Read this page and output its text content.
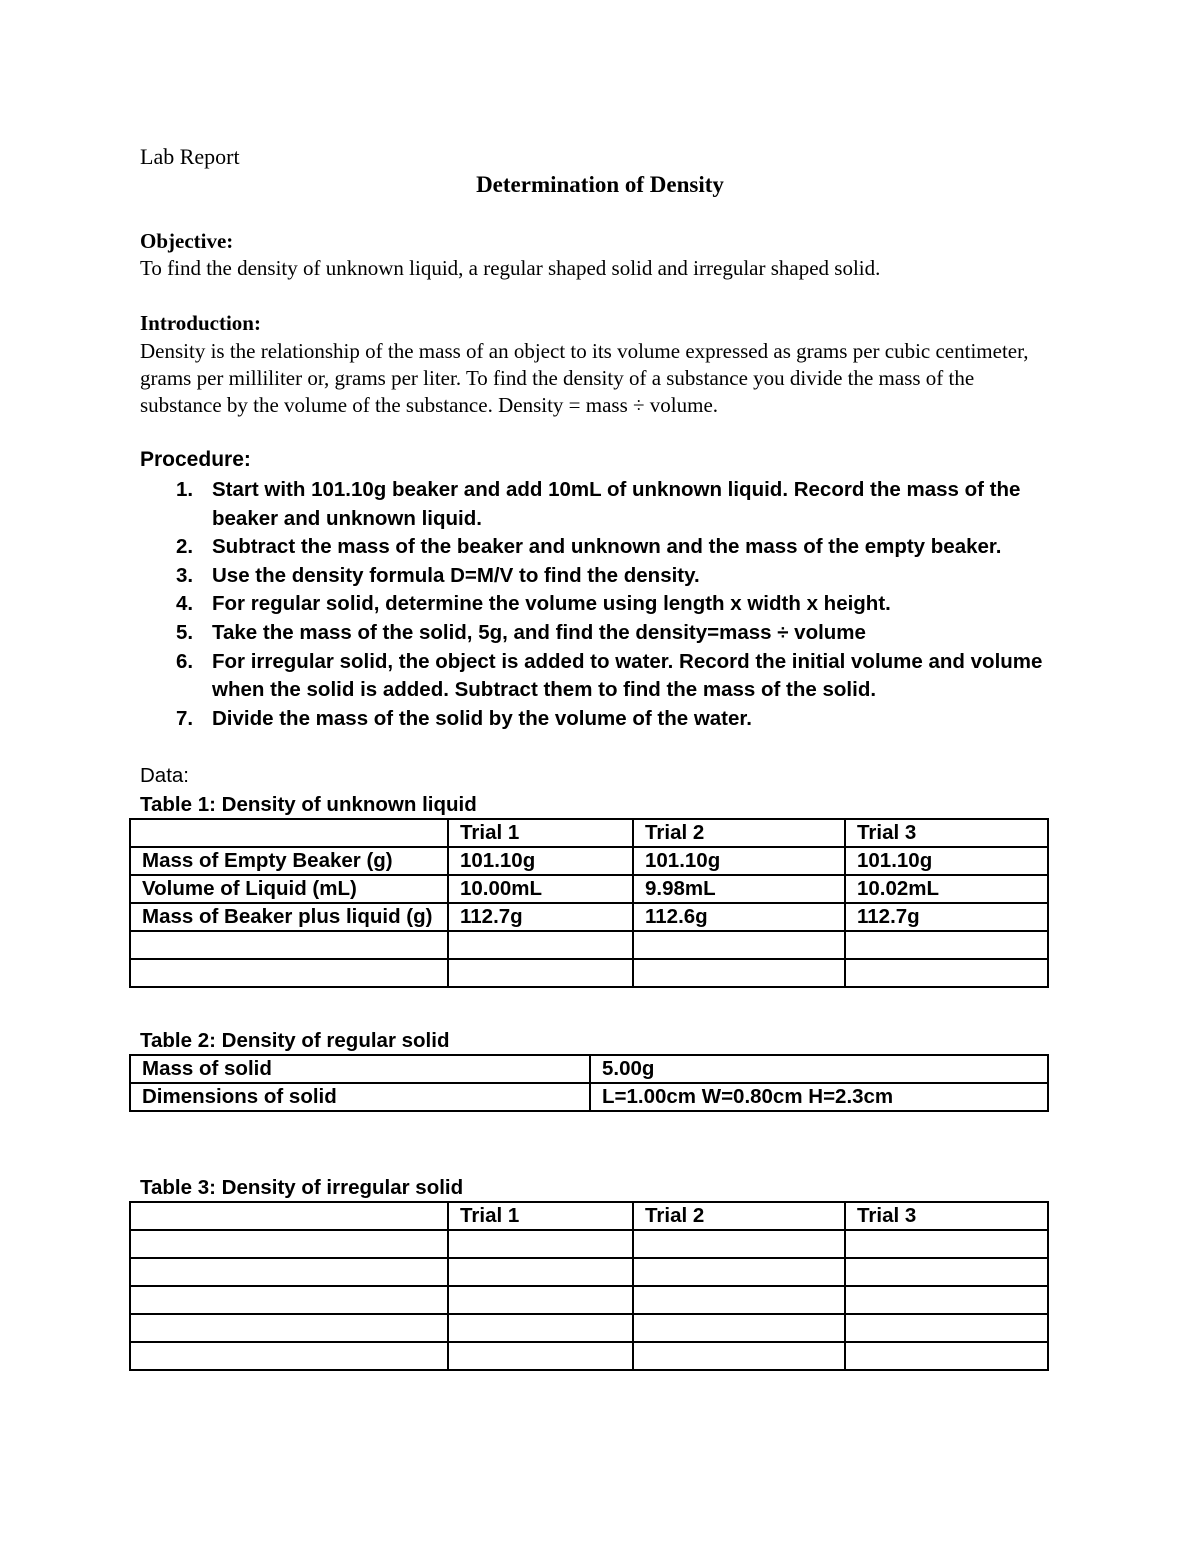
Lab Report
Determination of Density
Objective:
To find the density of unknown liquid, a regular shaped solid and irregular shaped solid.
Introduction:

Density is the relationship of the mass of an object to its volume expressed as grams per cubic centimeter, grams per milliliter or, grams per liter. To find the density of a substance you divide the mass of the substance by the volume of the substance. Density = mass ÷ volume.

Procedure:
1. Start with 101.10g beaker and add 10mL of unknown liquid. Record the mass of the beaker and unknown liquid.
2. Subtract the mass of the beaker and unknown and the mass of the empty beaker.
3. Use the density formula D=M/V to find the density.
4. For regular solid, determine the volume using length x width x height.
5. Take the mass of the solid, 5g, and find the density=mass ÷ volume
6. For irregular solid, the object is added to water. Record the initial volume and volume when the solid is added. Subtract them to find the mass of the solid.
7. Divide the mass of the solid by the volume of the water.
Data:
Table 1: Density of unknown liquid
	Trial 1	Trial 2	Trial 3
Mass of Empty Beaker (g)	101.10g	101.10g	101.10g
Volume of Liquid (mL)	10.00mL	9.98mL	10.02mL
Mass of Beaker plus liquid (g)	112.7g	112.6g	112.7g

Table 2: Density of regular solid
Mass of solid	5.00g
Dimensions of solid	L=1.00cm W=0.80cm H=2.3cm
Table 3: Density of irregular solid
	Trial 1	Trial 2	Trial 3
